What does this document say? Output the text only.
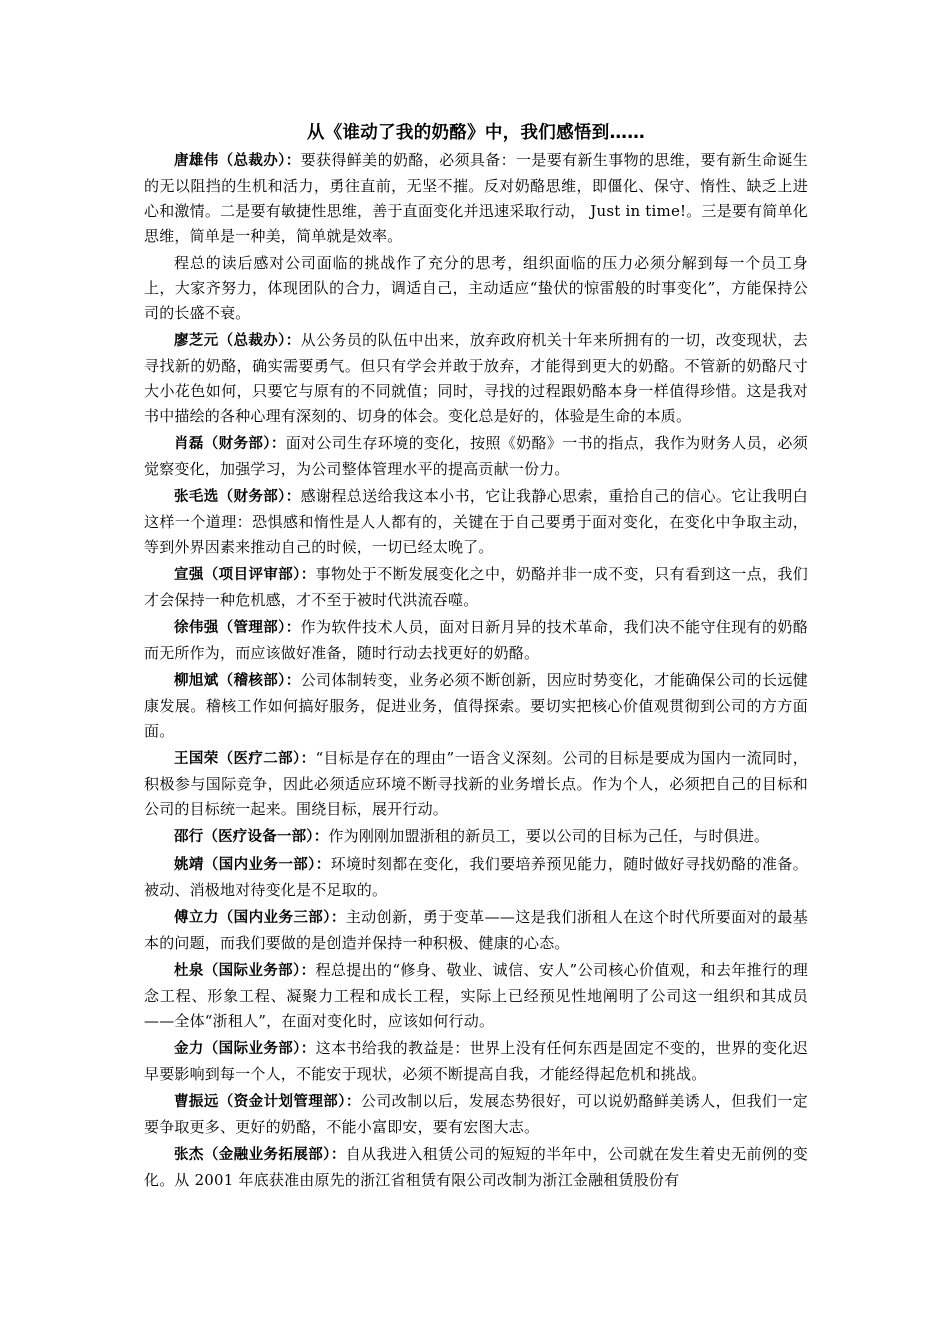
从《谁动了我的奶酪》中，我们感悟到……

唐雄伟（总裁办）：要获得鲜美的奶酪，必须具备：一是要有新生事物的思维，要有新生命诞生的无以阻挡的生机和活力，勇往直前，无坚不摧。反对奶酪思维，即僵化、保守、惰性、缺乏上进心和激情。二是要有敏捷性思维，善于直面变化并迅速采取行动， Just in time!。三是要有简单化思维，简单是一种美，简单就是效率。

程总的读后感对公司面临的挑战作了充分的思考，组织面临的压力必须分解到每一个员工身上，大家齐努力，体现团队的合力，调适自己，主动适应“蛰伏的惊雷般的时事变化”，方能保持公司的长盛不衰。

廖芝元（总裁办）：从公务员的队伍中出来，放弃政府机关十年来所拥有的一切，改变现状，去寻找新的奶酪，确实需要勇气。但只有学会并敢于放弃，才能得到更大的奶酪。不管新的奶酪尺寸大小花色如何，只要它与原有的不同就值；同时，寻找的过程跟奶酪本身一样值得珍惜。这是我对书中描绘的各种心理有深刻的、切身的体会。变化总是好的，体验是生命的本质。

肖磊（财务部）：面对公司生存环境的变化，按照《奶酪》一书的指点，我作为财务人员，必须觉察变化，加强学习，为公司整体管理水平的提高贡献一份力。

张毛选（财务部）：感谢程总送给我这本小书，它让我静心思索，重拾自己的信心。它让我明白这样一个道理：恐惧感和惰性是人人都有的，关键在于自己要勇于面对变化，在变化中争取主动，等到外界因素来推动自己的时候，一切已经太晚了。

宣强（项目评审部）：事物处于不断发展变化之中，奶酪并非一成不变，只有看到这一点，我们才会保持一种危机感，才不至于被时代洪流吞噬。

徐伟强（管理部）：作为软件技术人员，面对日新月异的技术革命，我们决不能守住现有的奶酪而无所作为，而应该做好准备，随时行动去找更好的奶酪。

柳旭斌（稽核部）：公司体制转变，业务必须不断创新，因应时势变化，才能确保公司的长远健康发展。稽核工作如何搞好服务，促进业务，值得探索。要切实把核心价值观贯彻到公司的方方面面。

王国荣（医疗二部）：“目标是存在的理由”一语含义深刻。公司的目标是要成为国内一流同时，积极参与国际竞争，因此必须适应环境不断寻找新的业务增长点。作为个人，必须把自己的目标和公司的目标统一起来。围绕目标，展开行动。

邵行（医疗设备一部）：作为刚刚加盟浙租的新员工，要以公司的目标为己任，与时俱进。

姚靖（国内业务一部）：环境时刻都在变化，我们要培养预见能力，随时做好寻找奶酪的准备。被动、消极地对待变化是不足取的。

傅立力（国内业务三部）：主动创新，勇于变革——这是我们浙租人在这个时代所要面对的最基本的问题，而我们要做的是创造并保持一种积极、健康的心态。

杜泉（国际业务部）：程总提出的“修身、敬业、诚信、安人”公司核心价值观，和去年推行的理念工程、形象工程、凝聚力工程和成长工程，实际上已经预见性地阐明了公司这一组织和其成员——全体“浙租人”，在面对变化时，应该如何行动。

金力（国际业务部）：这本书给我的教益是：世界上没有任何东西是固定不变的，世界的变化迟早要影响到每一个人，不能安于现状，必须不断提高自我，才能经得起危机和挑战。

曹振远（资金计划管理部）：公司改制以后，发展态势很好，可以说奶酪鲜美诱人，但我们一定要争取更多、更好的奶酪，不能小富即安，要有宏图大志。

张杰（金融业务拓展部）：自从我进入租赁公司的短短的半年中，公司就在发生着史无前例的变化。从 2001 年底获准由原先的浙江省租赁有限公司改制为浙江金融租赁股份有
